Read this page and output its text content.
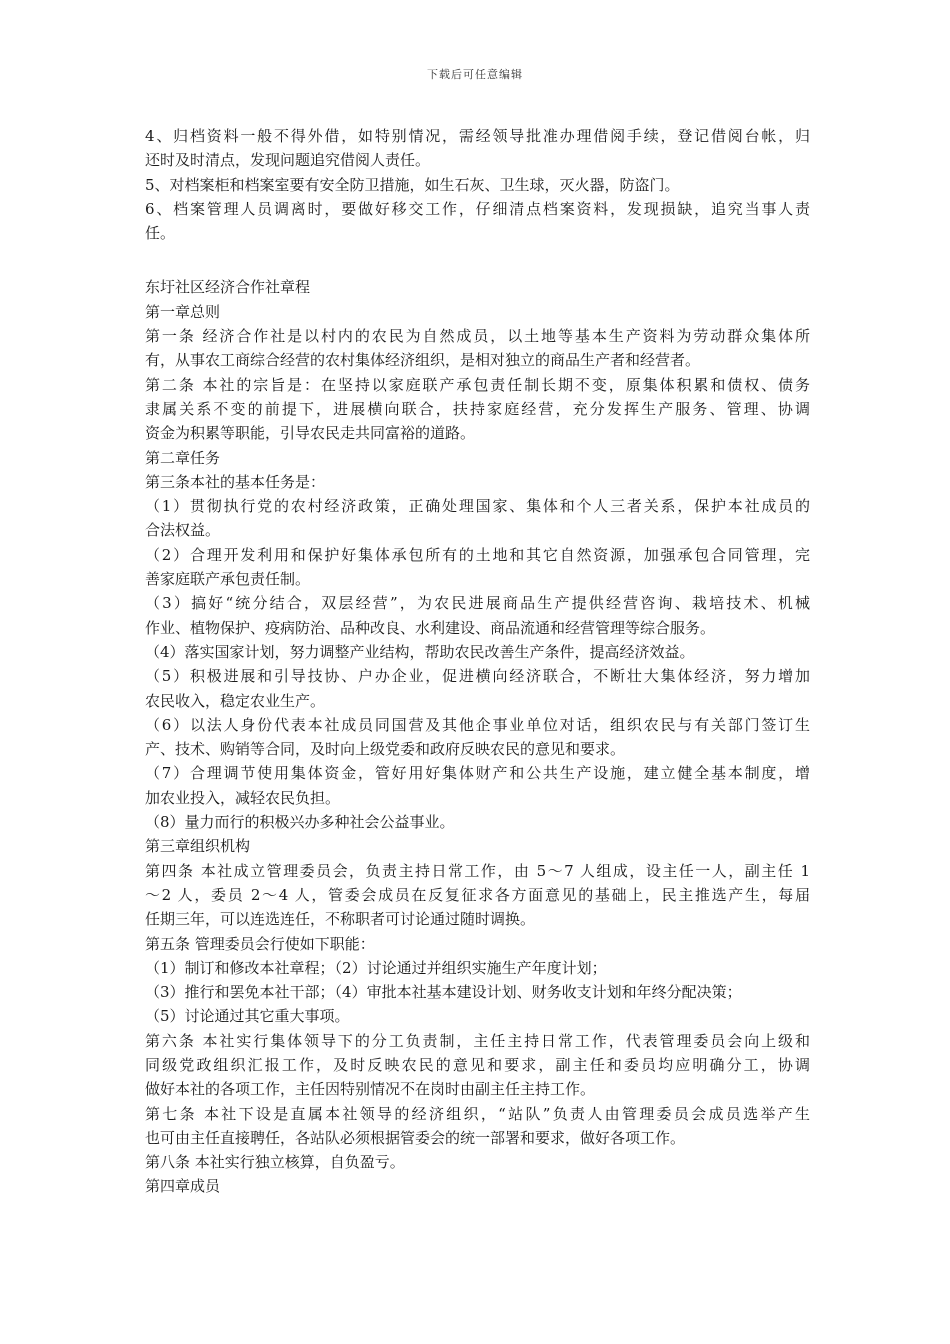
下载后可任意编辑
4、归档资料一般不得外借，如特别情况，需经领导批准办理借阅手续，登记借阅台帐，归
还时及时清点，发现问题追究借阅人责任。
5、对档案柜和档案室要有安全防卫措施，如生石灰、卫生球，灭火器，防盗门。
6、档案管理人员调离时，要做好移交工作，仔细清点档案资料，发现损缺，追究当事人责
任。
东圩社区经济合作社章程
第一章总则
第一条 经济合作社是以村内的农民为自然成员，以土地等基本生产资料为劳动群众集体所
有，从事农工商综合经营的农村集体经济组织，是相对独立的商品生产者和经营者。
第二条 本社的宗旨是：在坚持以家庭联产承包责任制长期不变，原集体积累和债权、债务
隶属关系不变的前提下，进展横向联合，扶持家庭经营，充分发挥生产服务、管理、协调
资金为积累等职能，引导农民走共同富裕的道路。
第二章任务
第三条本社的基本任务是：
（1）贯彻执行党的农村经济政策，正确处理国家、集体和个人三者关系，保护本社成员的
合法权益。
（2）合理开发利用和保护好集体承包所有的土地和其它自然资源，加强承包合同管理，完
善家庭联产承包责任制。
（3）搞好“统分结合，双层经营”，为农民进展商品生产提供经营咨询、栽培技术、机械
作业、植物保护、疫病防治、品种改良、水利建设、商品流通和经营管理等综合服务。
（4）落实国家计划，努力调整产业结构，帮助农民改善生产条件，提高经济效益。
（5）积极进展和引导技协、户办企业，促进横向经济联合，不断壮大集体经济，努力增加
农民收入，稳定农业生产。
（6）以法人身份代表本社成员同国营及其他企事业单位对话，组织农民与有关部门签订生
产、技术、购销等合同，及时向上级党委和政府反映农民的意见和要求。
（7）合理调节使用集体资金，管好用好集体财产和公共生产设施，建立健全基本制度，增
加农业投入，减轻农民负担。
（8）量力而行的积极兴办多种社会公益事业。
第三章组织机构
第四条 本社成立管理委员会，负责主持日常工作，由 5～7 人组成，设主任一人，副主任 1
～2 人，委员 2～4 人，管委会成员在反复征求各方面意见的基础上，民主推选产生，每届
任期三年，可以连选连任，不称职者可讨论通过随时调换。
第五条 管理委员会行使如下职能：
（1）制订和修改本社章程；（2）讨论通过并组织实施生产年度计划；
（3）推行和罢免本社干部；（4）审批本社基本建设计划、财务收支计划和年终分配决策；
（5）讨论通过其它重大事项。
第六条 本社实行集体领导下的分工负责制，主任主持日常工作，代表管理委员会向上级和
同级党政组织汇报工作，及时反映农民的意见和要求，副主任和委员均应明确分工，协调
做好本社的各项工作，主任因特别情况不在岗时由副主任主持工作。
第七条 本社下设是直属本社领导的经济组织，“站队”负责人由管理委员会成员选举产生
也可由主任直接聘任，各站队必须根据管委会的统一部署和要求，做好各项工作。
第八条 本社实行独立核算，自负盈亏。
第四章成员
